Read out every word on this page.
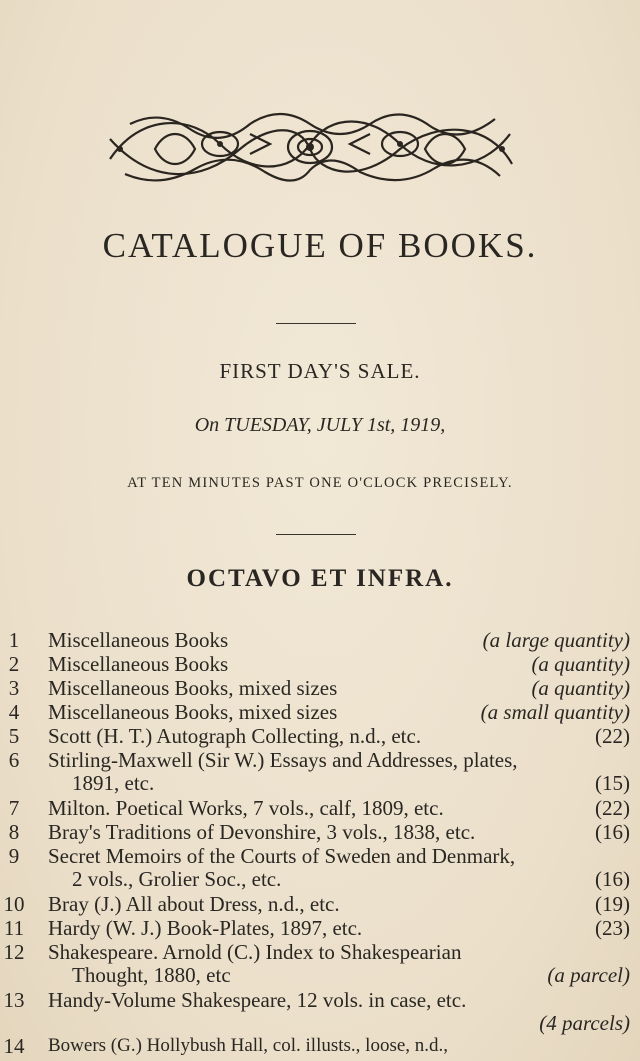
CATALOGUE OF BOOKS.
FIRST DAY'S SALE.
On TUESDAY, JULY 1st, 1919,
AT TEN MINUTES PAST ONE O'CLOCK PRECISELY.
OCTAVO ET INFRA.
1	Miscellaneous Books	(a large quantity)
2	Miscellaneous Books	(a quantity)
3	Miscellaneous Books, mixed sizes	(a quantity)
4	Miscellaneous Books, mixed sizes	(a small quantity)
5	Scott (H. T.) Autograph Collecting, n.d., etc.	(22)
6	Stirling-Maxwell (Sir W.) Essays and Addresses, plates,
1891, etc.	(15)
7	Milton. Poetical Works, 7 vols., calf, 1809, etc.	(22)
8	Bray's Traditions of Devonshire, 3 vols., 1838, etc.	(16)
9	Secret Memoirs of the Courts of Sweden and Denmark,
2 vols., Grolier Soc., etc.	(16)
10 Bray (J.) All about Dress, n.d., etc.	(19)
11 Hardy (W. J.) Book-Plates, 1897, etc.	(23)
12 Shakespeare. Arnold (C.) Index to Shakespearian
Thought, 1880, etc	(a parcel)
13 Handy-Volume Shakespeare, 12 vols. in case, etc.
(4 parcels)
14 Bowers (G.) Hollybush Hall, col. illusts., loose, n.d.,
